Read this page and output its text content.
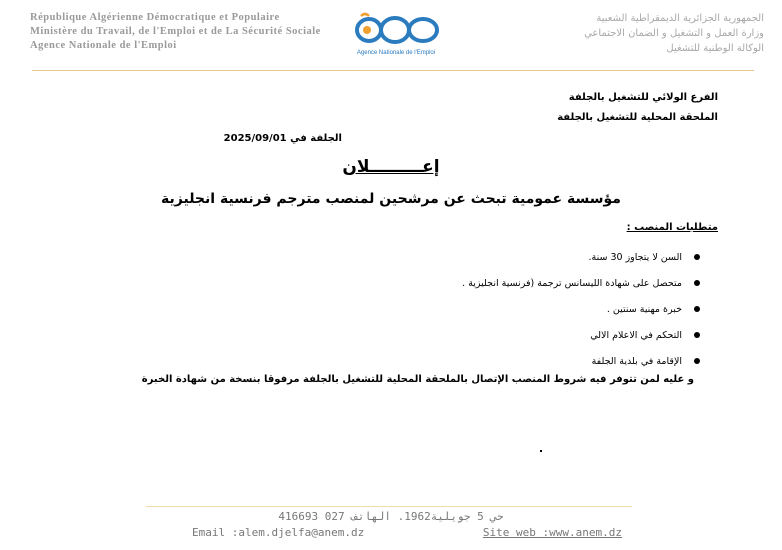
République Algérienne Démocratique et Populaire
Ministère du Travail, de l'Emploi et de La Sécurité Sociale
Agence Nationale de l'Emploi
Agence Nationale de l'Emploi
الجمهورية الجزائرية الديمقراطية الشعبية
وزارة العمل و التشغيل و الضمان الاجتماعي
الوكالة الوطنية للتشغيل
الفرع الولائي للتشغيل بالجلفة
الملحقة المحلية للتشغيل بالجلفة
الجلفة في 2025/09/01
إعـــــــــلان
مؤسسة عمومية تبحث عن مرشحين لمنصب مترجم فرنسية انجليزية
متطلبات المنصب :
السن لا يتجاوز 30 سنة.
متحصل على شهادة الليسانس ترجمة (فرنسية انجليزية .
خبرة مهنية سنتين .
التحكم في الاعلام الالي
الإقامة في بلدية الجلفة
و عليه لمن تتوفر فيه شروط المنصب الإتصال بالملحقة المحلية للتشغيل بالجلفة مرفوقا بنسخة من شهادة الخبرة
حي 5 جويلية1962. الهاتف 027 416693
Email :alem.djelfa@anem.dz	Site web :www.anem.dz
